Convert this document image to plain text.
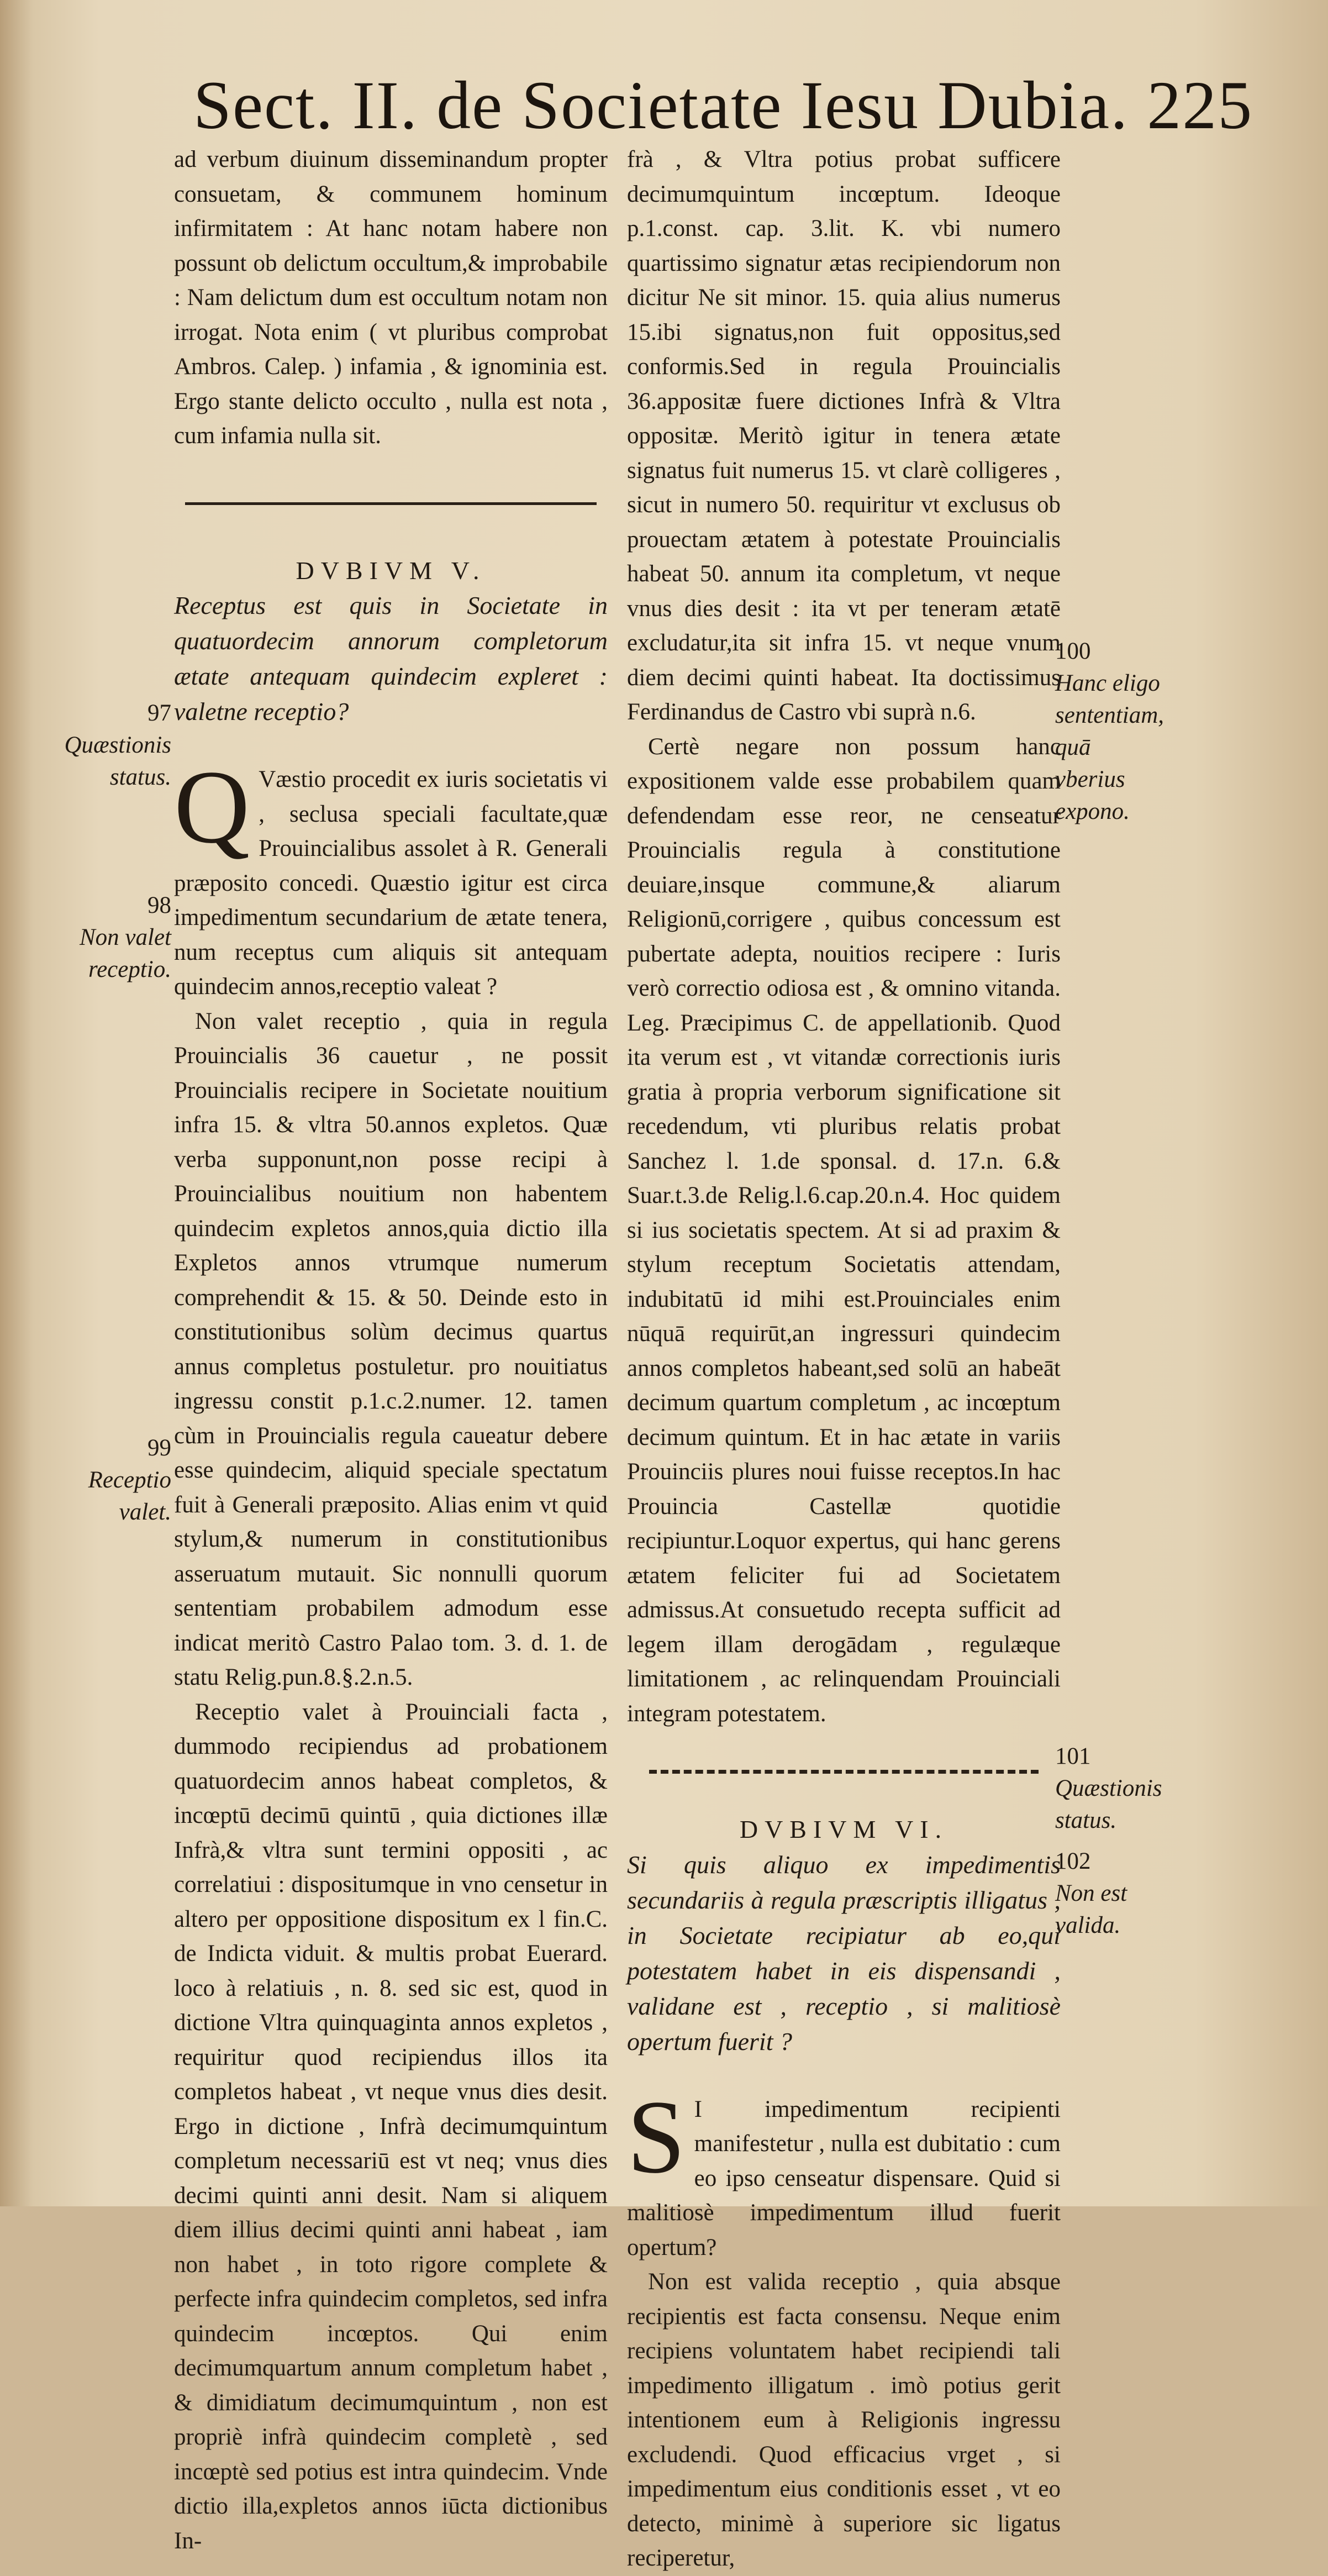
Sect. II. de Societate Iesu Dubia. 225

ad verbum diuinum disseminandum propter consuetam, & communem hominum infirmitatem : At hanc notam habere non possunt ob delictum occultum,& improbabile : Nam delictum dum est occultum notam non irrogat. Nota enim ( vt pluribus comprobat Ambros. Calep. ) infamia , & ignominia est. Ergo stante delicto occulto , nulla est nota , cum infamia nulla sit.

DVBIVM V.

Receptus est quis in Societate in quatuordecim annorum completorum ætate antequam quindecim expleret : valetne receptio?

Q Væstio procedit ex iuris societatis vi , seclusa speciali facultate,quæ Prouincialibus assolet à R. Generali præposito concedi. Quæstio igitur est circa impedimentum secundarium de ætate tenera, num receptus cum aliquis sit antequam quindecim annos,receptio valeat ?

Non valet receptio , quia in regula Prouincialis 36 cauetur , ne possit Prouincialis recipere in Societate nouitium infra 15. & vltra 50.annos expletos. Quæ verba supponunt,non posse recipi à Prouincialibus nouitium non habentem quindecim expletos annos,quia dictio illa Expletos annos vtrumque numerum comprehendit & 15. & 50. Deinde esto in constitutionibus solùm decimus quartus annus completus postuletur. pro nouitiatus ingressu constit p.1.c.2.numer. 12. tamen cùm in Prouincialis regula caueatur debere esse quindecim, aliquid speciale spectatum fuit à Generali præposito. Alias enim vt quid stylum,& numerum in constitutionibus asseruatum mutauit. Sic nonnulli quorum sententiam probabilem admodum esse indicat meritò Castro Palao tom. 3. d. 1. de statu Relig.pun.8.§.2.n.5.

Receptio valet à Prouinciali facta , dummodo recipiendus ad probationem quatuordecim annos habeat completos, & incœptū decimū quintū , quia dictiones illæ Infrà,& vltra sunt termini oppositi , ac correlatiui : dispositumque in vno censetur in altero per oppositione dispositum ex l fin.C. de Indicta viduit. & multis probat Euerard. loco à relatiuis , n. 8. sed sic est, quod in dictione Vltra quinquaginta annos expletos , requiritur quod recipiendus illos ita completos habeat , vt neque vnus dies desit. Ergo in dictione , Infrà decimumquintum completum necessariū est vt neq; vnus dies decimi quinti anni desit. Nam si aliquem diem illius decimi quinti anni habeat , iam non habet , in toto rigore complete & perfecte infra quindecim completos, sed infra quindecim incœptos. Qui enim decimumquartum annum completum habet , & dimidiatum decimumquintum , non est propriè infrà quindecim completè , sed incœptè sed potius est intra quindecim. Vnde dictio illa,expletos annos iūcta dictionibus In-

frà , & Vltra potius probat sufficere decimumquintum incœptum. Ideoque p.1.const. cap. 3.lit. K. vbi numero quartissimo signatur ætas recipiendorum non dicitur Ne sit minor. 15. quia alius numerus 15.ibi signatus,non fuit oppositus,sed conformis.Sed in regula Prouincialis 36.appositæ fuere dictiones Infrà & Vltra oppositæ. Meritò igitur in tenera ætate signatus fuit numerus 15. vt clarè colligeres , sicut in numero 50. requiritur vt exclusus ob prouectam ætatem à potestate Prouincialis habeat 50. annum ita completum, vt neque vnus dies desit : ita vt per teneram ætatē excludatur,ita sit infra 15. vt neque vnum diem decimi quinti habeat. Ita doctissimus Ferdinandus de Castro vbi suprà n.6.

Certè negare non possum hanc expositionem valde esse probabilem quam defendendam esse reor, ne censeatur Prouincialis regula à constitutione deuiare,insque commune,& aliarum Religionū,corrigere , quibus concessum est pubertate adepta, nouitios recipere : Iuris verò correctio odiosa est , & omnino vitanda. Leg. Præcipimus C. de appellationib. Quod ita verum est , vt vitandæ correctionis iuris gratia à propria verborum significatione sit recedendum, vti pluribus relatis probat Sanchez l. 1.de sponsal. d. 17.n. 6.& Suar.t.3.de Relig.l.6.cap.20.n.4. Hoc quidem si ius societatis spectem. At si ad praxim & stylum receptum Societatis attendam, indubitatū id mihi est.Prouinciales enim nūquā requirūt,an ingressuri quindecim annos completos habeant,sed solū an habeāt decimum quartum completum , ac incœptum decimum quintum. Et in hac ætate in variis Prouinciis plures noui fuisse receptos.In hac Prouincia Castellæ quotidie recipiuntur.Loquor expertus, qui hanc gerens ætatem feliciter fui ad Societatem admissus.At consuetudo recepta sufficit ad legem illam derogādam , regulæque limitationem , ac relinquendam Prouinciali integram potestatem.

DVBIVM VI.

Si quis aliquo ex impedimentis secundariis à regula præscriptis illigatus , in Societate recipiatur ab eo,qui potestatem habet in eis dispensandi , validane est , receptio , si malitiosè opertum fuerit ?

S I impedimentum recipienti manifestetur , nulla est dubitatio : cum eo ipso censeatur dispensare. Quid si malitiosè impedimentum illud fuerit opertum?

Non est valida receptio , quia absque recipientis est facta consensu. Neque enim recipiens voluntatem habet recipiendi tali impedimento illigatum . imò potius gerit intentionem eum à Religionis ingressu excludendi. Quod efficacius vrget , si impedimentum eius conditionis esset , vt eo detecto, minimè à superiore sic ligatus reciperetur,

97
Quæstionis status.
98
Non valet receptio.
99
Receptio valet.
100
Hanc eligo sententiam, quā vberius expono.
101
Quæstionis status.
102
Non est valida.
